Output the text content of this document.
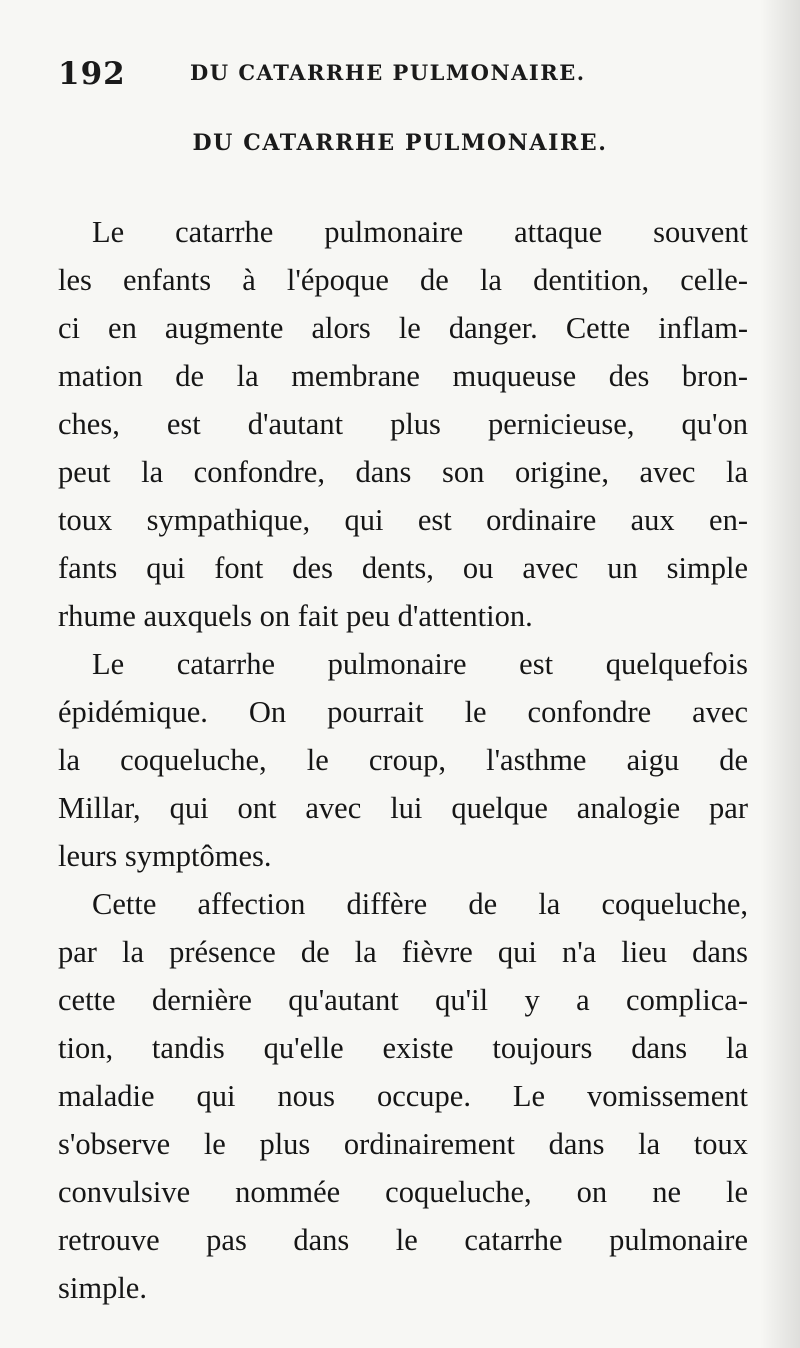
192	DU CATARRHE PULMONAIRE.
DU CATARRHE PULMONAIRE.
Le catarrhe pulmonaire attaque souvent
les enfants à l'époque de la dentition, celle-
ci en augmente alors le danger. Cette inflam-
mation de la membrane muqueuse des bron-
ches, est d'autant plus pernicieuse, qu'on
peut la confondre, dans son origine, avec la
toux sympathique, qui est ordinaire aux en-
fants qui font des dents, ou avec un simple
rhume auxquels on fait peu d'attention.
Le catarrhe pulmonaire est quelquefois
épidémique. On pourrait le confondre avec
la coqueluche, le croup, l'asthme aigu de
Millar, qui ont avec lui quelque analogie par
leurs symptômes.
Cette affection diffère de la coqueluche,
par la présence de la fièvre qui n'a lieu dans
cette dernière qu'autant qu'il y a complica-
tion, tandis qu'elle existe toujours dans la
maladie qui nous occupe. Le vomissement
s'observe le plus ordinairement dans la toux
convulsive nommée coqueluche, on ne le
retrouve pas dans le catarrhe pulmonaire
simple.
